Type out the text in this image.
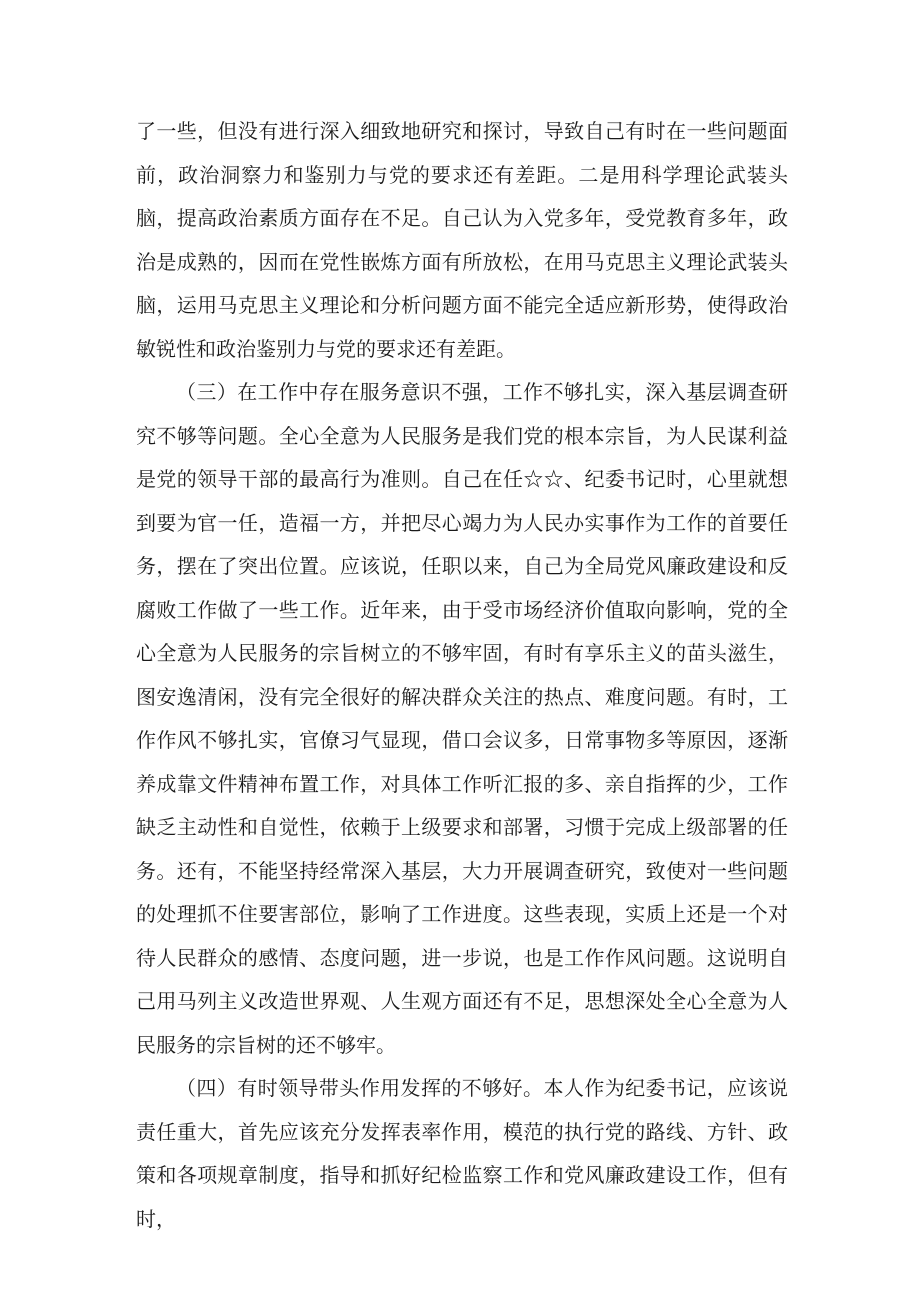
了一些，但没有进行深入细致地研究和探讨，导致自己有时在一些问题面前，政治洞察力和鉴别力与党的要求还有差距。二是用科学理论武装头脑，提高政治素质方面存在不足。自己认为入党多年，受党教育多年，政治是成熟的，因而在党性嵌炼方面有所放松，在用马克思主义理论武装头脑，运用马克思主义理论和分析问题方面不能完全适应新形势，使得政治敏锐性和政治鉴别力与党的要求还有差距。

（三）在工作中存在服务意识不强，工作不够扎实，深入基层调查研究不够等问题。全心全意为人民服务是我们党的根本宗旨，为人民谋利益是党的领导干部的最高行为准则。自己在任☆☆、纪委书记时，心里就想到要为官一任，造福一方，并把尽心竭力为人民办实事作为工作的首要任务，摆在了突出位置。应该说，任职以来，自己为全局党风廉政建设和反腐败工作做了一些工作。近年来，由于受市场经济价值取向影响，党的全心全意为人民服务的宗旨树立的不够牢固，有时有享乐主义的苗头滋生，图安逸清闲，没有完全很好的解决群众关注的热点、难度问题。有时，工作作风不够扎实，官僚习气显现，借口会议多，日常事物多等原因，逐渐养成靠文件精神布置工作，对具体工作听汇报的多、亲自指挥的少，工作缺乏主动性和自觉性，依赖于上级要求和部署，习惯于完成上级部署的任务。还有，不能坚持经常深入基层，大力开展调查研究，致使对一些问题的处理抓不住要害部位，影响了工作进度。这些表现，实质上还是一个对待人民群众的感情、态度问题，进一步说，也是工作作风问题。这说明自己用马列主义改造世界观、人生观方面还有不足，思想深处全心全意为人民服务的宗旨树的还不够牢。

（四）有时领导带头作用发挥的不够好。本人作为纪委书记，应该说责任重大，首先应该充分发挥表率作用，模范的执行党的路线、方针、政策和各项规章制度，指导和抓好纪检监察工作和党风廉政建设工作，但有时，
